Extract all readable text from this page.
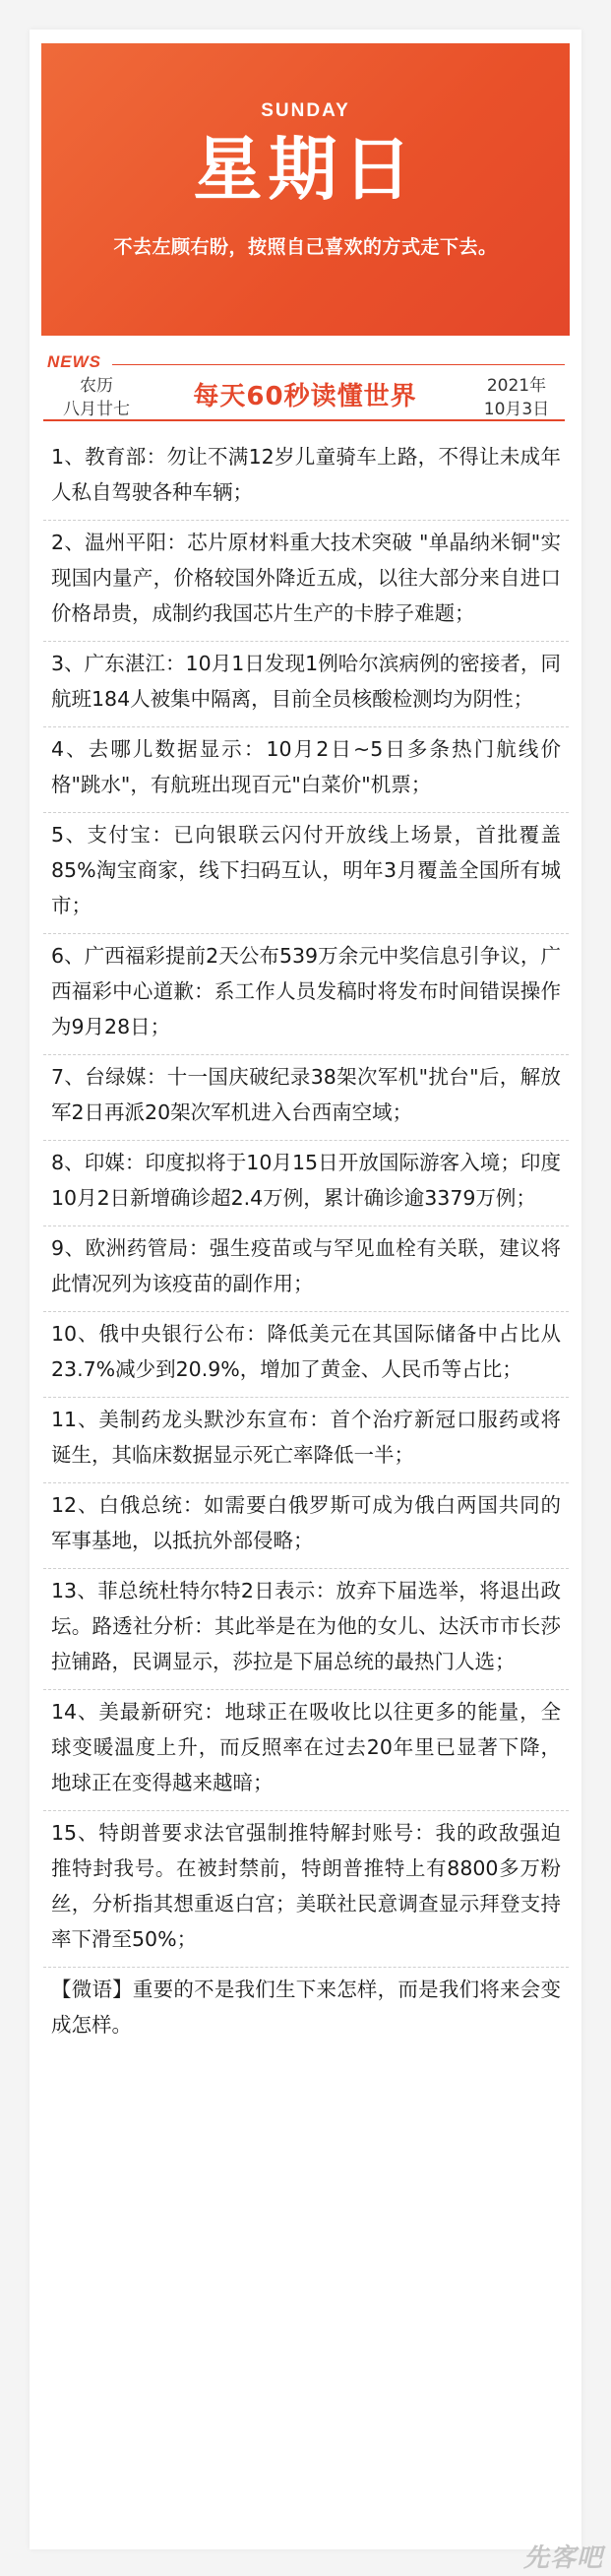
SUNDAY
星期日
不去左顾右盼，按照自己喜欢的方式走下去。
NEWS
农历
八月廿七	每天60秒读懂世界	2021年
10月3日
1、教育部：勿让不满12岁儿童骑车上路，不得让未成年人私自驾驶各种车辆；
2、温州平阳：芯片原材料重大技术突破 "单晶纳米铜"实现国内量产，价格较国外降近五成，以往大部分来自进口价格昂贵，成制约我国芯片生产的卡脖子难题；
3、广东湛江：10月1日发现1例哈尔滨病例的密接者，同航班184人被集中隔离，目前全员核酸检测均为阴性；
4、去哪儿数据显示：10月2日~5日多条热门航线价格"跳水"，有航班出现百元"白菜价"机票；
5、支付宝：已向银联云闪付开放线上场景，首批覆盖85%淘宝商家，线下扫码互认，明年3月覆盖全国所有城市；
6、广西福彩提前2天公布539万余元中奖信息引争议，广西福彩中心道歉：系工作人员发稿时将发布时间错误操作为9月28日；
7、台绿媒：十一国庆破纪录38架次军机"扰台"后，解放军2日再派20架次军机进入台西南空域；
8、印媒：印度拟将于10月15日开放国际游客入境；印度10月2日新增确诊超2.4万例，累计确诊逾3379万例；
9、欧洲药管局：强生疫苗或与罕见血栓有关联，建议将此情况列为该疫苗的副作用；
10、俄中央银行公布：降低美元在其国际储备中占比从23.7%减少到20.9%，增加了黄金、人民币等占比；
11、美制药龙头默沙东宣布：首个治疗新冠口服药或将诞生，其临床数据显示死亡率降低一半；
12、白俄总统：如需要白俄罗斯可成为俄白两国共同的军事基地，以抵抗外部侵略；
13、菲总统杜特尔特2日表示：放弃下届选举，将退出政坛。路透社分析：其此举是在为他的女儿、达沃市市长莎拉铺路，民调显示，莎拉是下届总统的最热门人选；
14、美最新研究：地球正在吸收比以往更多的能量，全球变暖温度上升，而反照率在过去20年里已显著下降，地球正在变得越来越暗；
15、特朗普要求法官强制推特解封账号：我的政敌强迫推特封我号。在被封禁前，特朗普推特上有8800多万粉丝，分析指其想重返白宫；美联社民意调查显示拜登支持率下滑至50%；
【微语】重要的不是我们生下来怎样，而是我们将来会变成怎样。
先客吧
